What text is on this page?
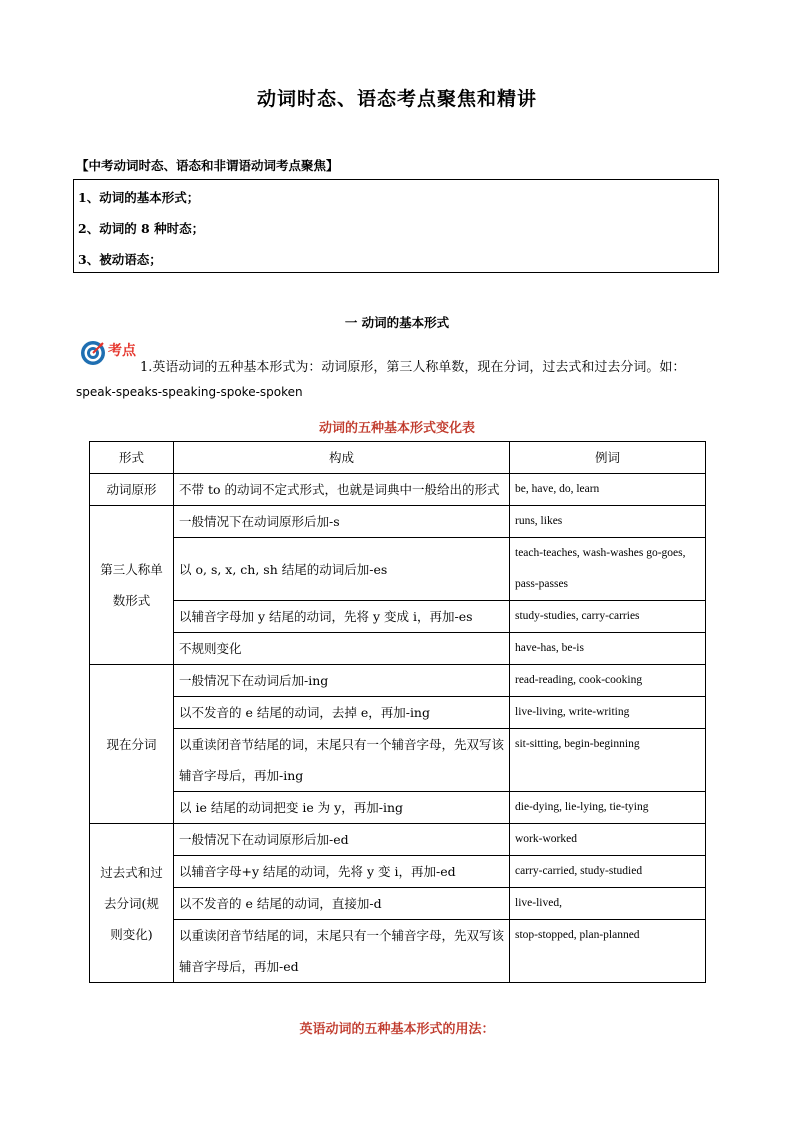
动词时态、语态考点聚焦和精讲
【中考动词时态、语态和非谓语动词考点聚焦】
1、动词的基本形式；
2、动词的 8 种时态；
3、被动语态；
一 动词的基本形式
考点
1.英语动词的五种基本形式为：动词原形，第三人称单数，现在分词，过去式和过去分词。如：
speak-speaks-speaking-spoke-spoken
动词的五种基本形式变化表
形式	构成	例词
动词原形	不带 to 的动词不定式形式，也就是词典中一般给出的形式	be, have, do, learn
第三人称单数形式	一般情况下在动词原形后加-s	runs, likes
	以 o, s, x, ch, sh 结尾的动词后加-es	teach-teaches, wash-washes go-goes, pass-passes
	以辅音字母加 y 结尾的动词，先将 y 变成 i，再加-es	study-studies, carry-carries
	不规则变化	have-has, be-is
现在分词	一般情况下在动词后加-ing	read-reading, cook-cooking
	以不发音的 e 结尾的动词，去掉 e，再加-ing	live-living, write-writing
	以重读闭音节结尾的词，末尾只有一个辅音字母，先双写该辅音字母后，再加-ing	sit-sitting, begin-beginning
	以 ie 结尾的动词把变 ie 为 y，再加-ing	die-dying, lie-lying, tie-tying
过去式和过去分词(规则变化)	一般情况下在动词原形后加-ed	work-worked
	以辅音字母+y 结尾的动词，先将 y 变 i，再加-ed	carry-carried, study-studied
	以不发音的 e 结尾的动词，直接加-d	live-lived,
	以重读闭音节结尾的词，末尾只有一个辅音字母，先双写该辅音字母后，再加-ed	stop-stopped, plan-planned
英语动词的五种基本形式的用法：
